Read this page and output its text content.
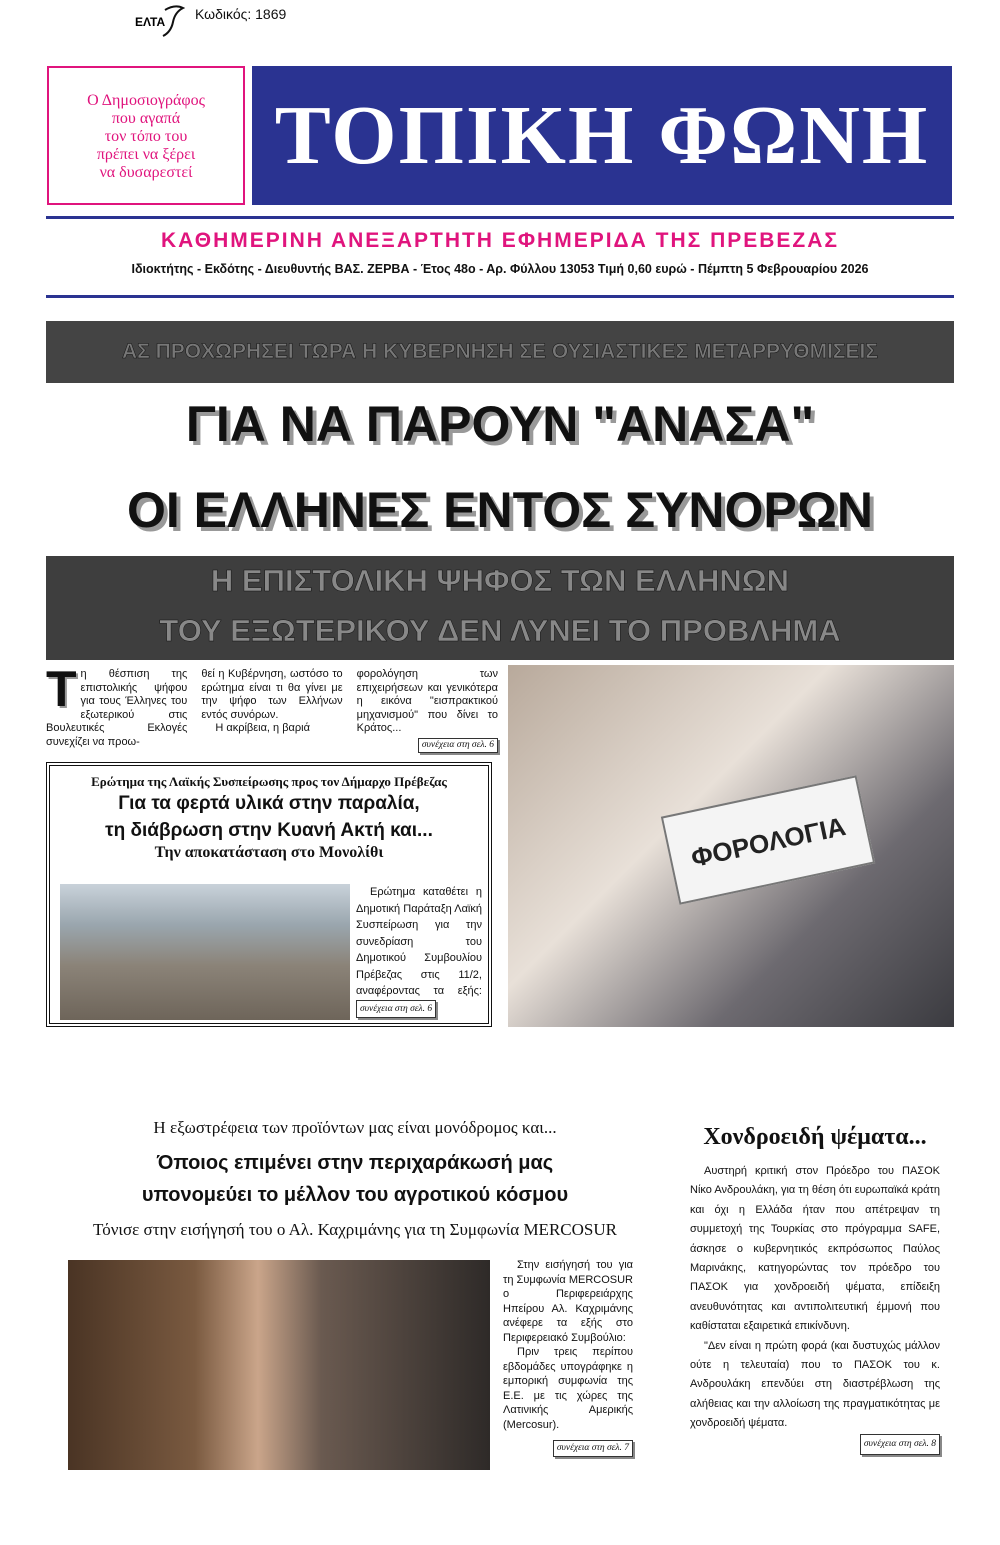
ΕΛΤΑ Κωδικός: 1869
Ο Δημοσιογράφος
που αγαπά
τον τόπο του
πρέπει να ξέρει
να δυσαρεστεί ΤΟΠΙΚΗ ΦΩΝΗ
ΚΑΘΗΜΕΡΙΝΗ ΑΝΕΞΑΡΤΗΤΗ ΕΦΗΜΕΡΙΔΑ ΤΗΣ ΠΡΕΒΕΖΑΣ
Ιδιοκτήτης - Εκδότης - Διευθυντής ΒΑΣ. ΖΕΡΒΑ - Έτος 48ο - Αρ. Φύλλου 13053 Τιμή 0,60 ευρώ - Πέμπτη 5 Φεβρουαρίου 2026
ΑΣ ΠΡΟΧΩΡΗΣΕΙ ΤΩΡΑ Η ΚΥΒΕΡΝΗΣΗ ΣΕ ΟΥΣΙΑΣΤΙΚΕΣ ΜΕΤΑΡΡΥΘΜΙΣΕΙΣ
ΓΙΑ ΝΑ ΠΑΡΟΥΝ "ΑΝΑΣΑ"
ΟΙ ΕΛΛΗΝΕΣ ΕΝΤΟΣ ΣΥΝΟΡΩΝ
Η ΕΠΙΣΤΟΛΙΚΗ ΨΗΦΟΣ ΤΩΝ ΕΛΛΗΝΩΝ
ΤΟΥ ΕΞΩΤΕΡΙΚΟΥ ΔΕΝ ΛΥΝΕΙ ΤΟ ΠΡΟΒΛΗΜΑ
Τη θέσπιση της επιστολικής ψήφου για τους Έλληνες του εξωτερικού στις Βουλευτικές Εκλογές συνεχίζει να προω-
θεί η Κυβέρνηση, ωστόσο το ερώτημα είναι τι θα γίνει με την ψήφο των Ελλήνων εντός συνόρων.

Η ακρίβεια, η βαριά

φορολόγηση των επιχειρήσεων και γενικότερα η εικόνα "εισπρακτικού μηχανισμού" που δίνει το Κράτος...
συνέχεια στη σελ. 6
Ερώτημα της Λαϊκής Συσπείρωσης προς τον Δήμαρχο Πρέβεζας
Για τα φερτά υλικά στην παραλία,
τη διάβρωση στην Κυανή Ακτή και...
Την αποκατάσταση στο Μονολίθι
Ερώτημα καταθέτει η Δημοτική Παράταξη Λαϊκή Συσπείρωση για την συνεδρίαση του Δημοτικού Συμβουλίου Πρέβεζας στις 11/2, αναφέροντας τα εξής: συνέχεια στη σελ. 6
ΦΟΡΟΛΟΓΙΑ
Η εξωστρέφεια των προϊόντων μας είναι μονόδρομος και...
Όποιος επιμένει στην περιχαράκωσή μας
υπονομεύει το μέλλον του αγροτικού κόσμου
Τόνισε στην εισήγησή του ο Αλ. Καχριμάνης για τη Συμφωνία MERCOSUR

Στην εισήγησή του για τη Συμφωνία MERCOSUR ο Περιφερειάρχης Ηπείρου Αλ. Καχριμάνης ανέφερε τα εξής στο Περιφερειακό Συμβούλιο:

Πριν τρεις περίπου εβδομάδες υπογράφηκε η εμπορική συμφωνία της Ε.Ε. με τις χώρες της Λατινικής Αμερικής (Mercosur).

συνέχεια στη σελ. 7
Χονδροειδή ψέματα...

Αυστηρή κριτική στον Πρόεδρο του ΠΑΣΟΚ Νίκο Ανδρουλάκη, για τη θέση ότι ευρωπαϊκά κράτη και όχι η Ελλάδα ήταν που απέτρεψαν τη συμμετοχή της Τουρκίας στο πρόγραμμα SAFE, άσκησε ο κυβερνητικός εκπρόσωπος Παύλος Μαρινάκης, κατηγορώντας τον πρόεδρο του ΠΑΣΟΚ για χονδροειδή ψέματα, επίδειξη ανευθυνότητας και αντιπολιτευτική έμμονή που καθίσταται εξαιρετικά επικίνδυνη.

"Δεν είναι η πρώτη φορά (και δυστυχώς μάλλον ούτε η τελευταία) που το ΠΑΣΟΚ του κ. Ανδρουλάκη επενδύει στη διαστρέβλωση της αλήθειας και την αλλοίωση της πραγματικότητας με χονδροειδή ψέματα.

συνέχεια στη σελ. 8
